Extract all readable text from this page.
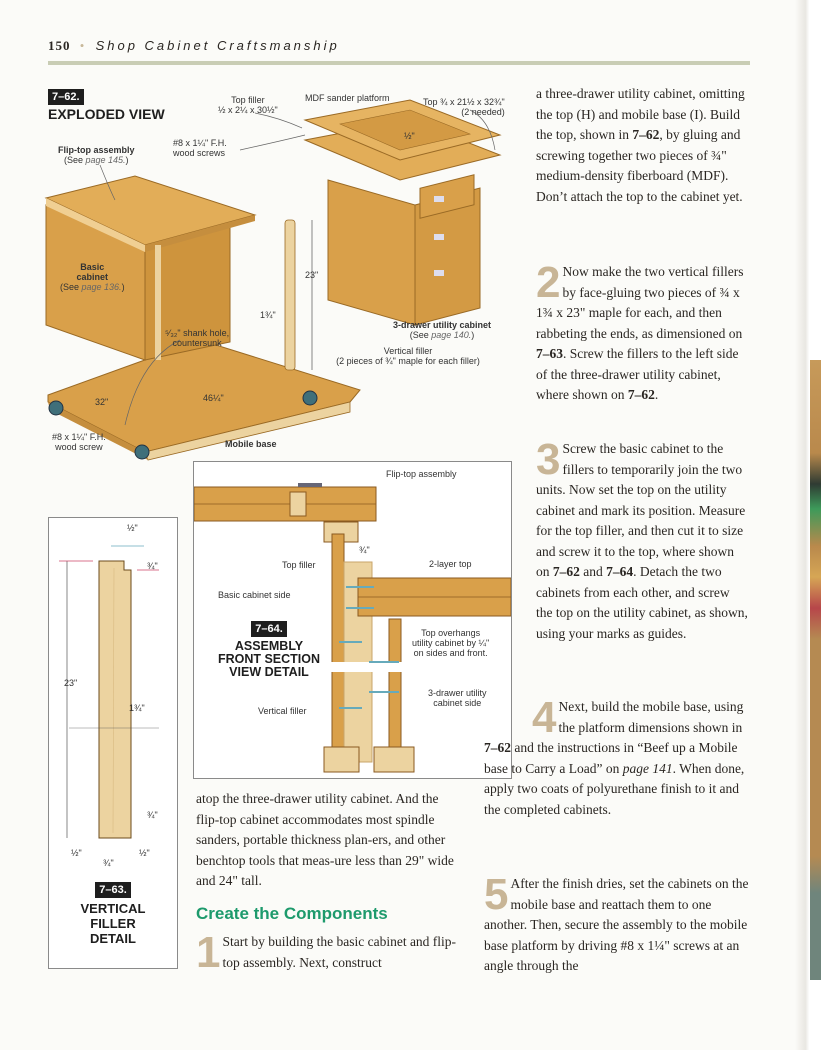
150 • Shop Cabinet Craftsmanship
7–62.
EXPLODED VIEW
Top filler
½ x 2¼ x 30½"
MDF sander platform	Top ¾ x 21½ x 32¾"
(2 needed)
½"
Flip-top assembly
(See page 145.)
#8 x 1¼" F.H.
wood screws
Basic
cabinet
(See page 136.)
23"
1¾"
⁵⁄₃₂" shank hole,
countersunk
3-drawer utility cabinet
(See page 140.)
Vertical filler
(2 pieces of ¾" maple for each filler)
32"	46¼"
#8 x 1¼" F.H.
wood screw	Mobile base
½"
¾"
23"
1¾"
¾"
½"	½"
¾"
7–63.
VERTICAL
FILLER
DETAIL
Flip-top assembly
¾"
Top filler	2-layer top
Basic cabinet side
7–64.
ASSEMBLY
FRONT SECTION
VIEW DETAIL
Top overhangs
utility cabinet by ¼"
on sides and front.
Vertical filler
3-drawer utility
cabinet side
atop the three-drawer utility cabinet. And the flip-top cabinet accommodates most spindle sanders, portable thickness plan-ers, and other benchtop tools that meas-ure less than 29" wide and 24" tall.
Create the Components
1 Start by building the basic cabinet and flip-top assembly. Next, construct
a three-drawer utility cabinet, omitting the top (H) and mobile base (I). Build the top, shown in 7–62, by gluing and screwing together two pieces of ¾" medium-density fiberboard (MDF). Don’t attach the top to the cabinet yet.
2 Now make the two vertical fillers by face-gluing two pieces of ¾ x 1¾ x 23" maple for each, and then rabbeting the ends, as dimensioned on 7–63. Screw the fillers to the left side of the three-drawer utility cabinet, where shown on 7–62.
3 Screw the basic cabinet to the fillers to temporarily join the two units. Now set the top on the utility cabinet and mark its position. Measure for the top filler, and then cut it to size and screw it to the top, where shown on 7–62 and 7–64. Detach the two cabinets from each other, and screw the top on the utility cabinet, as shown, using your marks as guides.
4 Next, build the mobile base, using the platform dimensions shown in 7–62 and the instructions in “Beef up a Mobile base to Carry a Load” on page 141. When done, apply two coats of polyurethane finish to it and the completed cabinets.
5 After the finish dries, set the cabinets on the mobile base and reattach them to one another. Then, secure the assembly to the mobile base platform by driving #8 x 1¼" screws at an angle through the
